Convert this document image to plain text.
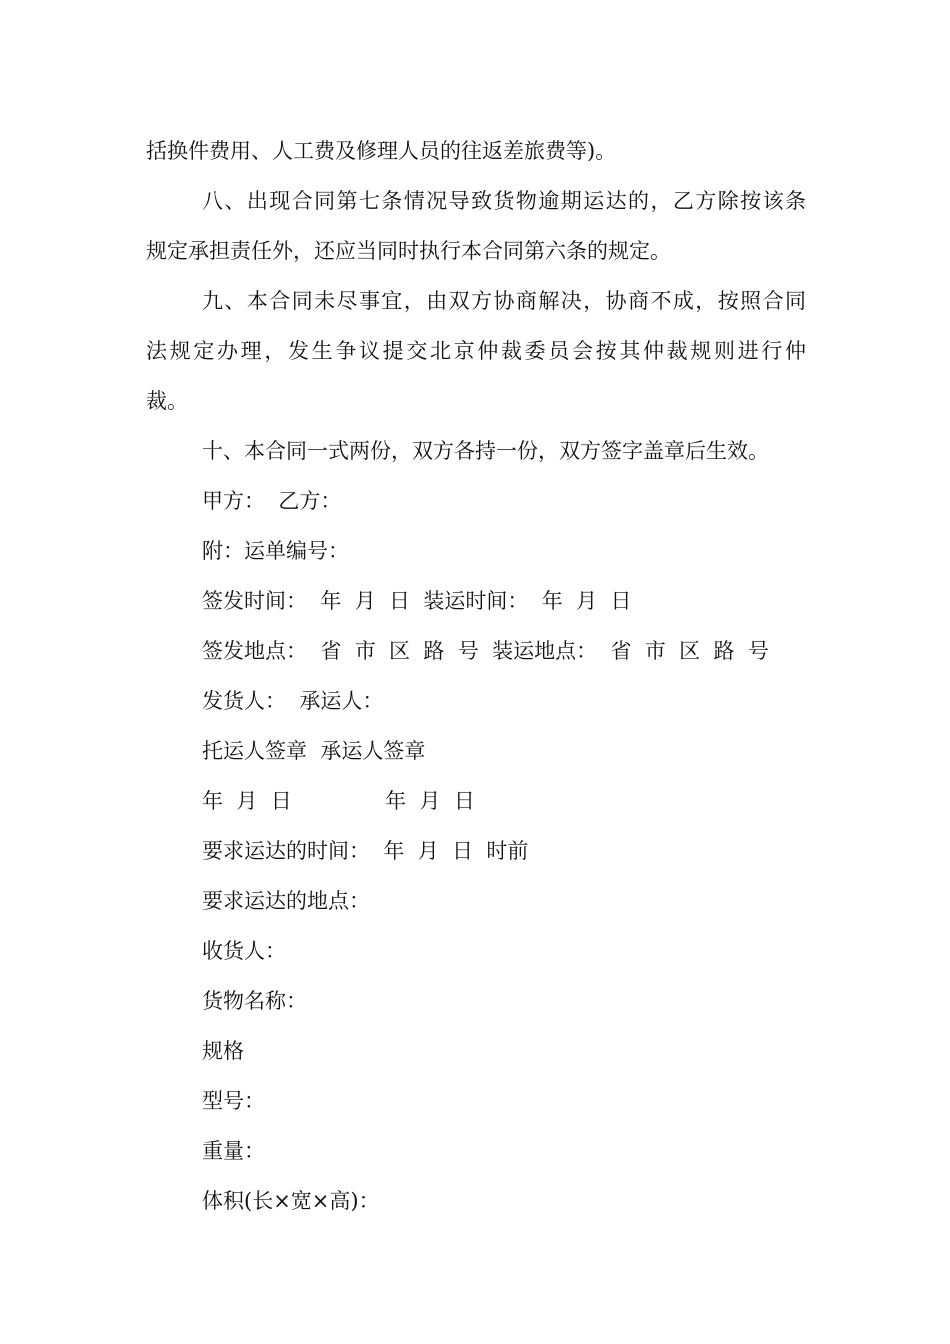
括换件费用、人工费及修理人员的往返差旅费等)。
八、出现合同第七条情况导致货物逾期运达的，乙方除按该条
规定承担责任外，还应当同时执行本合同第六条的规定。
九、本合同未尽事宜，由双方协商解决，协商不成，按照合同
法规定办理，发生争议提交北京仲裁委员会按其仲裁规则进行仲
裁。
十、本合同一式两份，双方各持一份，双方签字盖章后生效。
甲方：  乙方：
附：运单编号：
签发时间：  年  月  日  装运时间：  年  月  日
签发地点：  省  市  区  路  号  装运地点：  省  市  区  路  号
发货人：  承运人：
托运人签章  承运人签章
年  月  日              年  月  日
要求运达的时间：  年  月  日  时前
要求运达的地点：
收货人：
货物名称：
规格
型号：
重量：
体积(长×宽×高)：
